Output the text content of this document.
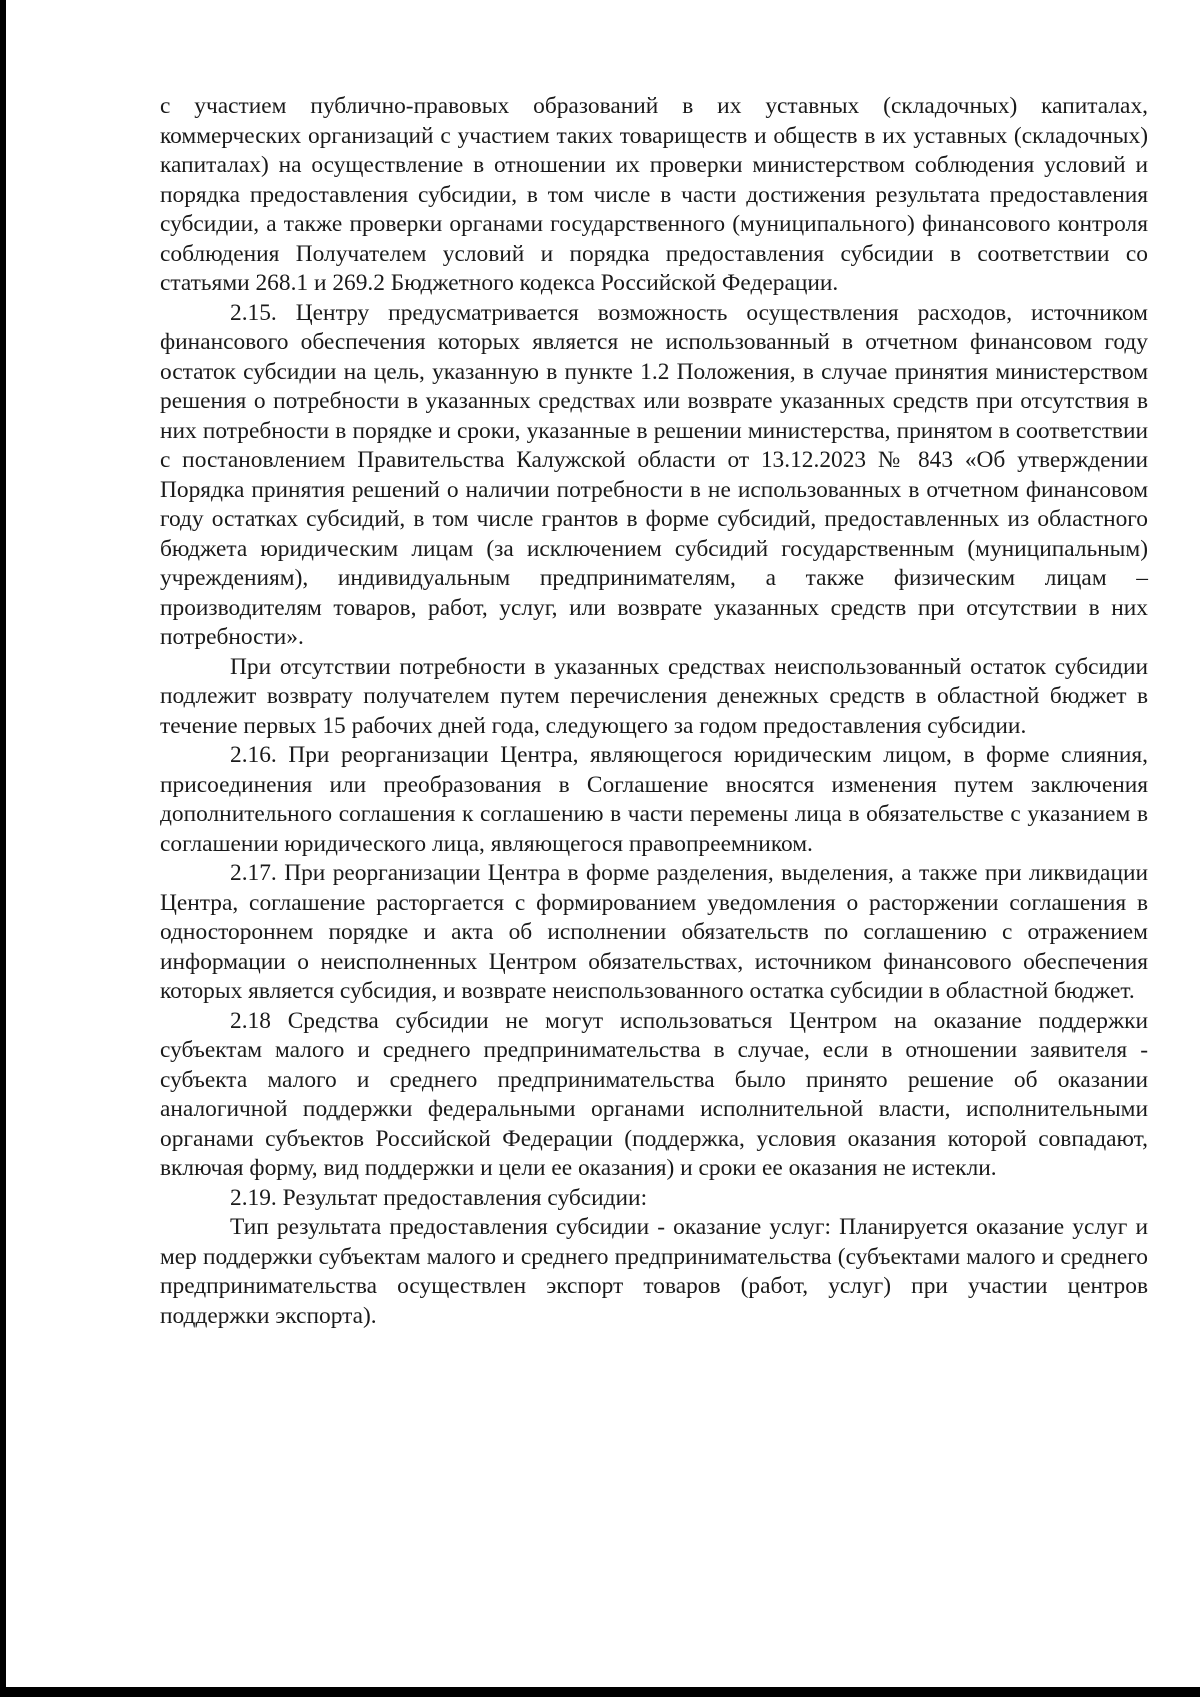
с участием публично-правовых образований в их уставных (складочных) капиталах, коммерческих организаций с участием таких товариществ и обществ в их уставных (складочных) капиталах) на осуществление в отношении их проверки министерством соблюдения условий и порядка предоставления субсидии, в том числе в части достижения результата предоставления субсидии, а также проверки органами государственного (муниципального) финансового контроля соблюдения Получателем условий и порядка предоставления субсидии в соответствии со статьями 268.1 и 269.2 Бюджетного кодекса Российской Федерации.

2.15. Центру предусматривается возможность осуществления расходов, источником финансового обеспечения которых является не использованный в отчетном финансовом году остаток субсидии на цель, указанную в пункте 1.2 Положения, в случае принятия министерством решения о потребности в указанных средствах или возврате указанных средств при отсутствия в них потребности в порядке и сроки, указанные в решении министерства, принятом в соответствии с постановлением Правительства Калужской области от 13.12.2023 № 843 «Об утверждении Порядка принятия решений о наличии потребности в не использованных в отчетном финансовом году остатках субсидий, в том числе грантов в форме субсидий, предоставленных из областного бюджета юридическим лицам (за исключением субсидий государственным (муниципальным) учреждениям), индивидуальным предпринимателям, а также физическим лицам – производителям товаров, работ, услуг, или возврате указанных средств при отсутствии в них потребности».

При отсутствии потребности в указанных средствах неиспользованный остаток субсидии подлежит возврату получателем путем перечисления денежных средств в областной бюджет в течение первых 15 рабочих дней года, следующего за годом предоставления субсидии.

2.16. При реорганизации Центра, являющегося юридическим лицом, в форме слияния, присоединения или преобразования в Соглашение вносятся изменения путем заключения дополнительного соглашения к соглашению в части перемены лица в обязательстве с указанием в соглашении юридического лица, являющегося правопреемником.

2.17. При реорганизации Центра в форме разделения, выделения, а также при ликвидации Центра, соглашение расторгается с формированием уведомления о расторжении соглашения в одностороннем порядке и акта об исполнении обязательств по соглашению с отражением информации о неисполненных Центром обязательствах, источником финансового обеспечения которых является субсидия, и возврате неиспользованного остатка субсидии в областной бюджет.

2.18 Средства субсидии не могут использоваться Центром на оказание поддержки субъектам малого и среднего предпринимательства в случае, если в отношении заявителя - субъекта малого и среднего предпринимательства было принято решение об оказании аналогичной поддержки федеральными органами исполнительной власти, исполнительными органами субъектов Российской Федерации (поддержка, условия оказания которой совпадают, включая форму, вид поддержки и цели ее оказания) и сроки ее оказания не истекли.

2.19. Результат предоставления субсидии:

Тип результата предоставления субсидии - оказание услуг: Планируется оказание услуг и мер поддержки субъектам малого и среднего предпринимательства (субъектами малого и среднего предпринимательства осуществлен экспорт товаров (работ, услуг) при участии центров поддержки экспорта).
